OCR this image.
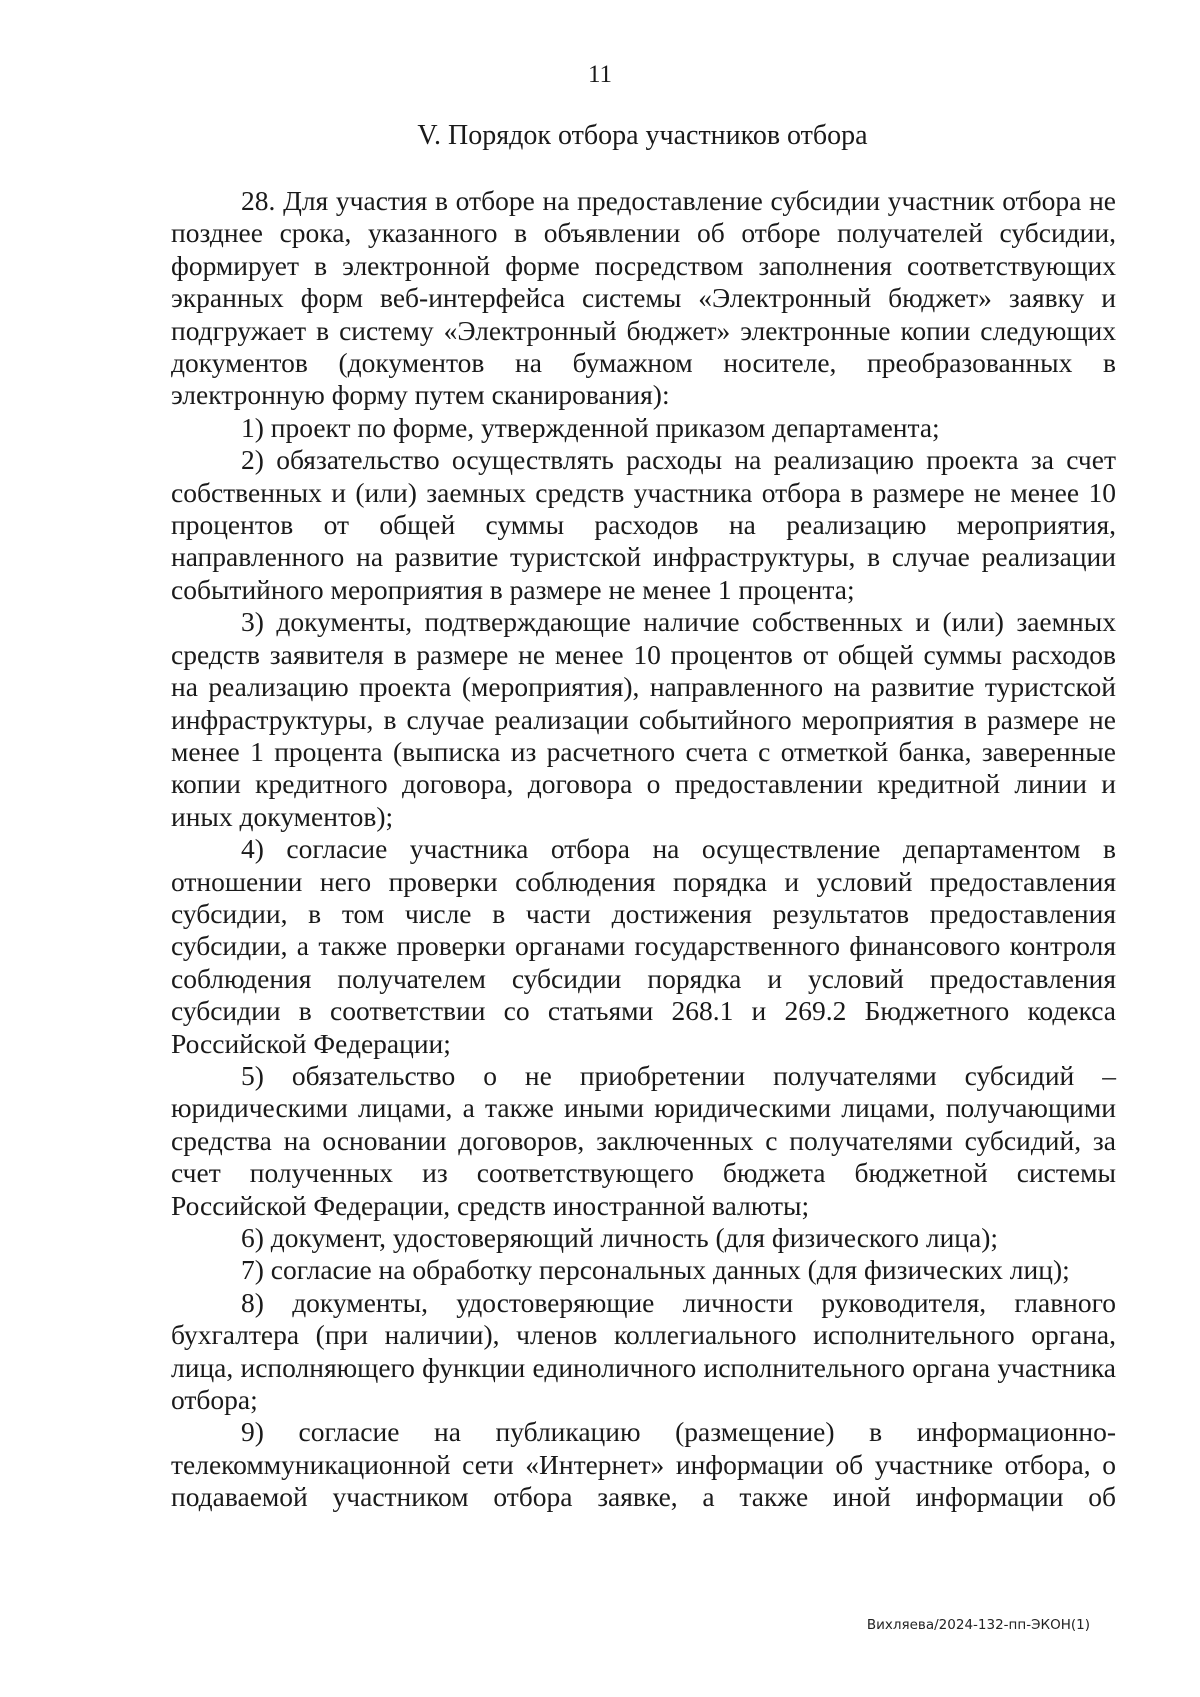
11
V. Порядок отбора участников отбора

28. Для участия в отборе на предоставление субсидии участник отбора не позднее срока, указанного в объявлении об отборе получателей субсидии, формирует в электронной форме посредством заполнения соответствующих экранных форм веб-интерфейса системы «Электронный бюджет» заявку и подгружает в систему «Электронный бюджет» электронные копии следующих документов (документов на бумажном носителе, преобразованных в электронную форму путем сканирования):

1) проект по форме, утвержденной приказом департамента;

2) обязательство осуществлять расходы на реализацию проекта за счет собственных и (или) заемных средств участника отбора в размере не менее 10 процентов от общей суммы расходов на реализацию мероприятия, направленного на развитие туристской инфраструктуры, в случае реализации событийного мероприятия в размере не менее 1 процента;

3) документы, подтверждающие наличие собственных и (или) заемных средств заявителя в размере не менее 10 процентов от общей суммы расходов на реализацию проекта (мероприятия), направленного на развитие туристской инфраструктуры, в случае реализации событийного мероприятия в размере не менее 1 процента (выписка из расчетного счета с отметкой банка, заверенные копии кредитного договора, договора о предоставлении кредитной линии и иных документов);

4) согласие участника отбора на осуществление департаментом в отношении него проверки соблюдения порядка и условий предоставления субсидии, в том числе в части достижения результатов предоставления субсидии, а также проверки органами государственного финансового контроля соблюдения получателем субсидии порядка и условий предоставления субсидии в соответствии со статьями 268.1 и 269.2 Бюджетного кодекса Российской Федерации;

5) обязательство о не приобретении получателями субсидий – юридическими лицами, а также иными юридическими лицами, получающими средства на основании договоров, заключенных с получателями субсидий, за счет полученных из соответствующего бюджета бюджетной системы Российской Федерации, средств иностранной валюты;

6) документ, удостоверяющий личность (для физического лица);

7) согласие на обработку персональных данных (для физических лиц);

8) документы, удостоверяющие личности руководителя, главного бухгалтера (при наличии), членов коллегиального исполнительного органа, лица, исполняющего функции единоличного исполнительного органа участника отбора;

9) согласие на публикацию (размещение) в информационно-телекоммуникационной сети «Интернет» информации об участнике отбора, о подаваемой участником отбора заявке, а также иной информации об

Вихляева/2024-132-пп-ЭКОН(1)
